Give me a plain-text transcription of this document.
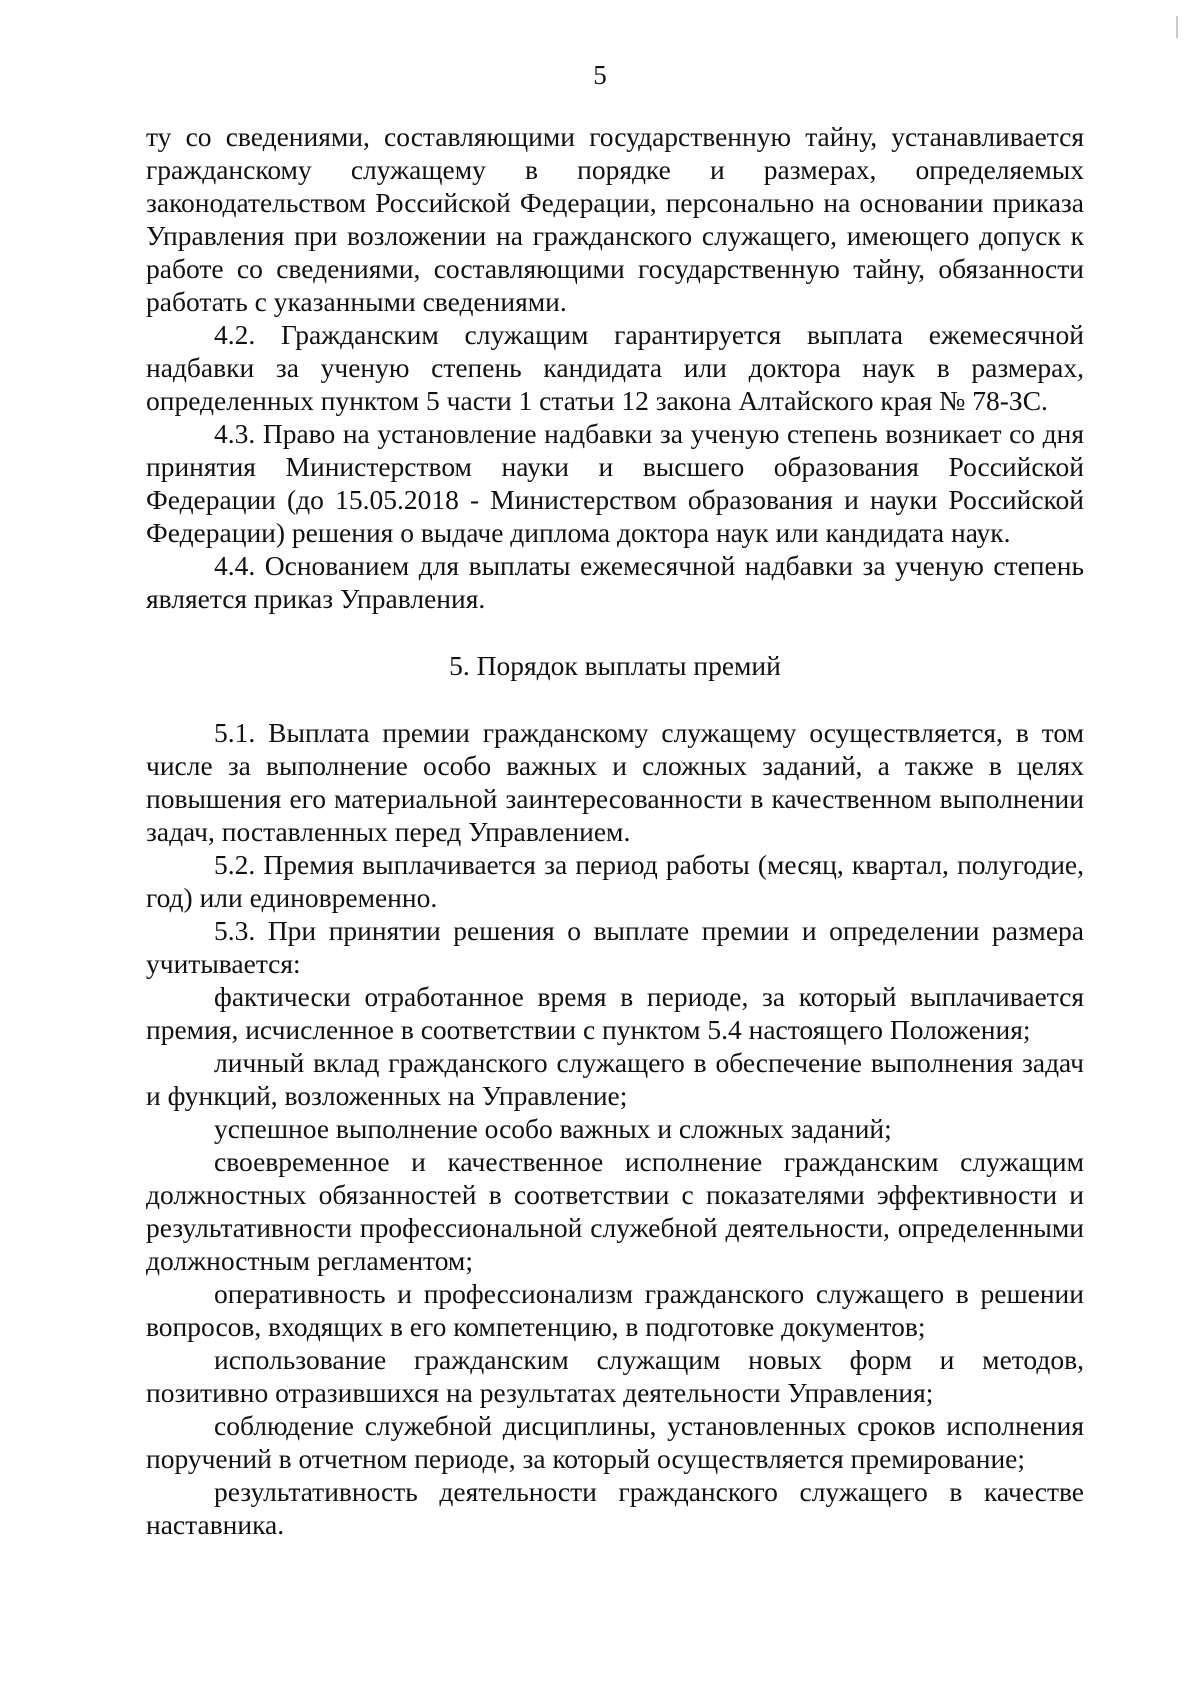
5

ту со сведениями, составляющими государственную тайну, устанавливается гражданскому служащему в порядке и размерах, определяемых законодательством Российской Федерации, персонально на основании приказа Управления при возложении на гражданского служащего, имеющего допуск к работе со сведениями, составляющими государственную тайну, обязанности работать с указанными сведениями.

4.2. Гражданским служащим гарантируется выплата ежемесячной надбавки за ученую степень кандидата или доктора наук в размерах, определенных пунктом 5 части 1 статьи 12 закона Алтайского края № 78-ЗС.

4.3. Право на установление надбавки за ученую степень возникает со дня принятия Министерством науки и высшего образования Российской Федерации (до 15.05.2018 - Министерством образования и науки Российской Федерации) решения о выдаче диплома доктора наук или кандидата наук.

4.4. Основанием для выплаты ежемесячной надбавки за ученую степень является приказ Управления.

5. Порядок выплаты премий

5.1. Выплата премии гражданскому служащему осуществляется, в том числе за выполнение особо важных и сложных заданий, а также в целях повышения его материальной заинтересованности в качественном выполнении задач, поставленных перед Управлением.

5.2. Премия выплачивается за период работы (месяц, квартал, полугодие, год) или единовременно.

5.3. При принятии решения о выплате премии и определении размера учитывается:

фактически отработанное время в периоде, за который выплачивается премия, исчисленное в соответствии с пунктом 5.4 настоящего Положения;

личный вклад гражданского служащего в обеспечение выполнения задач и функций, возложенных на Управление;

успешное выполнение особо важных и сложных заданий;

своевременное и качественное исполнение гражданским служащим должностных обязанностей в соответствии с показателями эффективности и результативности профессиональной служебной деятельности, определенными должностным регламентом;

оперативность и профессионализм гражданского служащего в решении вопросов, входящих в его компетенцию, в подготовке документов;

использование гражданским служащим новых форм и методов, позитивно отразившихся на результатах деятельности Управления;

соблюдение служебной дисциплины, установленных сроков исполнения поручений в отчетном периоде, за который осуществляется премирование;

результативность деятельности гражданского служащего в качестве наставника.
